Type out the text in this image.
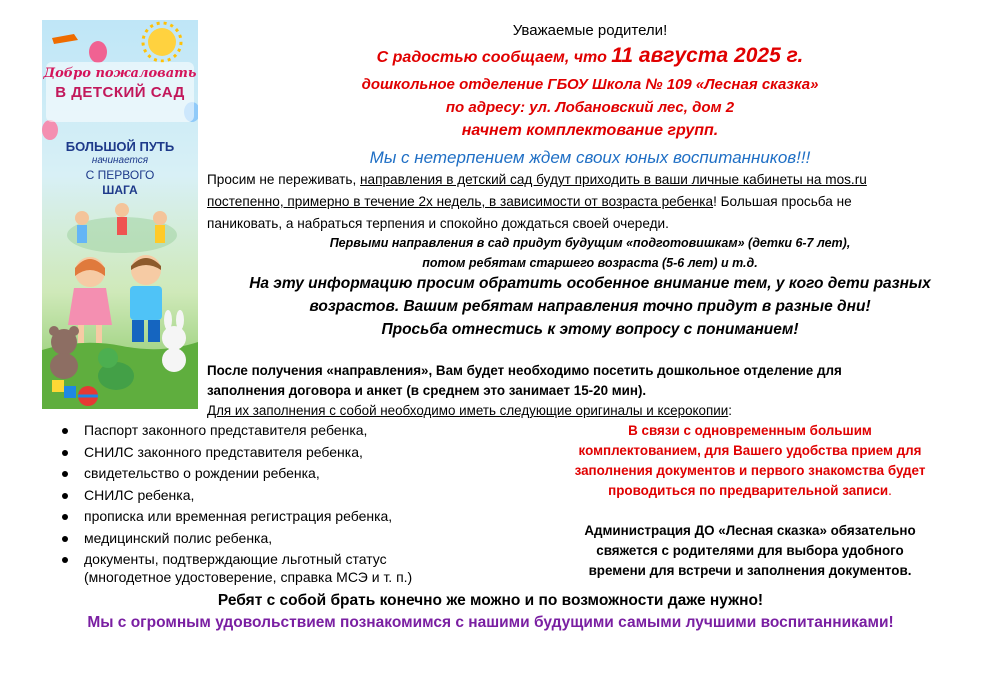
Добро пожаловать
В ДЕТСКИЙ САД
БОЛЬШОЙ ПУТЬ
начинается
С ПЕРВОГО
ШАГА
Уважаемые родители!
С радостью сообщаем, что 11 августа 2025 г.
дошкольное отделение ГБОУ Школа № 109 «Лесная сказка»
по адресу: ул. Лобановский лес, дом 2
начнет комплектование групп.
Мы с нетерпением ждем своих юных воспитанников!!!
Просим не переживать, направления в детский сад будут приходить в ваши личные кабинеты на mos.ru
постепенно, примерно в течение 2х недель, в зависимости от возраста ребенка! Большая просьба не
паниковать, а набраться терпения и спокойно дождаться своей очереди.
Первыми направления в сад придут будущим «подготовишкам» (детки 6-7 лет),
потом ребятам старшего возраста (5-6 лет) и т.д.
На эту информацию просим обратить особенное внимание тем, у кого дети разных
возрастов. Вашим ребятам направления точно придут в разные дни!
Просьба отнестись к этому вопросу с пониманием!
После получения «направления», Вам будет необходимо посетить дошкольное отделение для
заполнения договора и анкет (в среднем это занимает 15-20 мин).
Для их заполнения с собой необходимо иметь следующие оригиналы и ксерокопии:
Паспорт законного представителя ребенка,
СНИЛС законного представителя ребенка,
свидетельство о рождении ребенка,
СНИЛС ребенка,
прописка или временная регистрация ребенка,
медицинский полис ребенка,
документы, подтверждающие льготный статус
(многодетное удостоверение, справка МСЭ и т. п.)
В связи с одновременным большим
комплектованием, для Вашего удобства прием для
заполнения документов и первого знакомства будет
проводиться по предварительной записи.
Администрация ДО «Лесная сказка» обязательно
свяжется с родителями для выбора удобного
времени для встречи и заполнения документов.
Ребят с собой брать конечно же можно и по возможности даже нужно!
Мы с огромным удовольствием познакомимся с нашими будущими самыми лучшими воспитанниками!
